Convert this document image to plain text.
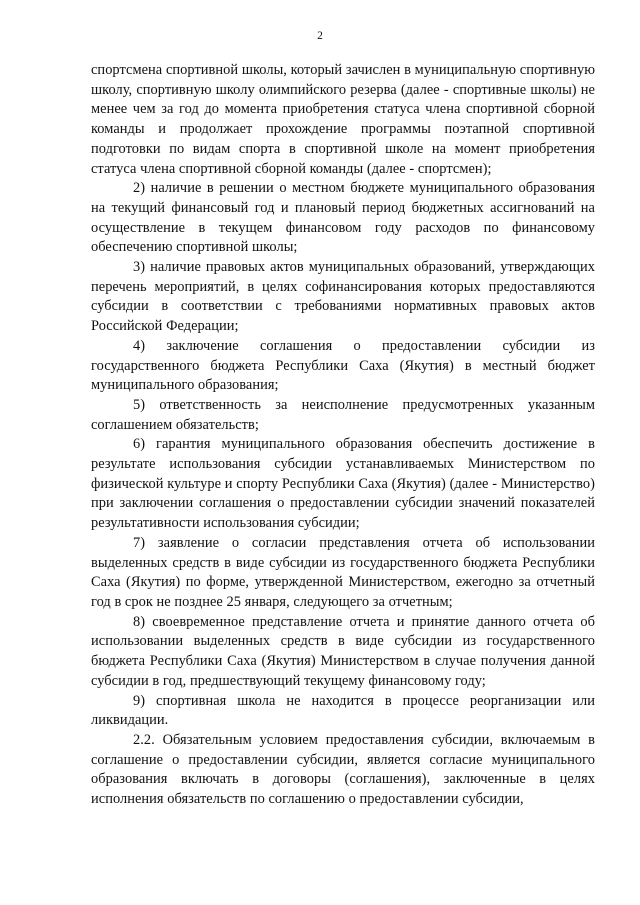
2

спортсмена спортивной школы, который зачислен в муниципальную спортивную школу, спортивную школу олимпийского резерва (далее - спортивные школы) не менее чем за год до момента приобретения статуса члена спортивной сборной команды и продолжает прохождение программы поэтапной спортивной подготовки по видам спорта в спортивной школе на момент приобретения статуса члена спортивной сборной команды (далее - спортсмен);

2) наличие в решении о местном бюджете муниципального образования на текущий финансовый год и плановый период бюджетных ассигнований на осуществление в текущем финансовом году расходов по финансовому обеспечению спортивной школы;

3) наличие правовых актов муниципальных образований, утверждающих перечень мероприятий, в целях софинансирования которых предоставляются субсидии в соответствии с требованиями нормативных правовых актов Российской Федерации;

4) заключение соглашения о предоставлении субсидии из государственного бюджета Республики Саха (Якутия) в местный бюджет муниципального образования;

5) ответственность за неисполнение предусмотренных указанным соглашением обязательств;

6) гарантия муниципального образования обеспечить достижение в результате использования субсидии устанавливаемых Министерством по физической культуре и спорту Республики Саха (Якутия) (далее - Министерство) при заключении соглашения о предоставлении субсидии значений показателей результативности использования субсидии;

7) заявление о согласии представления отчета об использовании выделенных средств в виде субсидии из государственного бюджета Республики Саха (Якутия) по форме, утвержденной Министерством, ежегодно за отчетный год в срок не позднее 25 января, следующего за отчетным;

8) своевременное представление отчета и принятие данного отчета об использовании выделенных средств в виде субсидии из государственного бюджета Республики Саха (Якутия) Министерством в случае получения данной субсидии в год, предшествующий текущему финансовому году;

9) спортивная школа не находится в процессе реорганизации или ликвидации.

2.2. Обязательным условием предоставления субсидии, включаемым в соглашение о предоставлении субсидии, является согласие муниципального образования включать в договоры (соглашения), заключенные в целях исполнения обязательств по соглашению о предоставлении субсидии,
